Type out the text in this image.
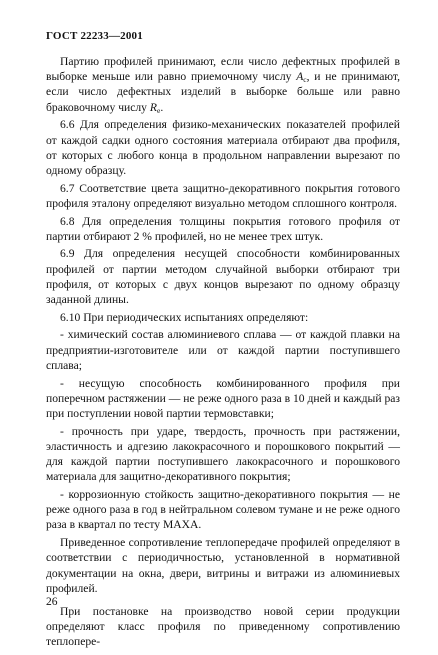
ГОСТ 22233—2001

Партию профилей принимают, если число дефектных профилей в выборке меньше или равно приемочному числу $A_c$, и не принимают, если число дефектных изделий в выборке больше или равно браковочному числу $R_e$.

6.6 Для определения физико-механических показателей профилей от каждой садки одного состояния материала отбирают два профиля, от которых с любого конца в продольном направлении вырезают по одному образцу.

6.7 Соответствие цвета защитно-декоративного покрытия готового профиля эталону определяют визуально методом сплошного контроля.

6.8 Для определения толщины покрытия готового профиля от партии отбирают 2 % профилей, но не менее трех штук.

6.9 Для определения несущей способности комбинированных профилей от партии методом случайной выборки отбирают три профиля, от которых с двух концов вырезают по одному образцу заданной длины.

6.10 При периодических испытаниях определяют:

- химический состав алюминиевого сплава — от каждой плавки на предприятии-изготовителе или от каждой партии поступившего сплава;

- несущую способность комбинированного профиля при поперечном растяжении — не реже одного раза в 10 дней и каждый раз при поступлении новой партии термовставки;

- прочность при ударе, твердость, прочность при растяжении, эластичность и адгезию лакокрасочного и порошкового покрытий — для каждой партии поступившего лакокрасочного и порошкового материала для защитно-декоративного покрытия;

- коррозионную стойкость защитно-декоративного покрытия — не реже одного раза в год в нейтральном солевом тумане и не реже одного раза в квартал по тесту МАХА.

Приведенное сопротивление теплопередаче профилей определяют в соответствии с периодичностью, установленной в нормативной документации на окна, двери, витрины и витражи из алюминиевых профилей.

При постановке на производство новой серии продукции определяют класс профиля по приведенному сопротивлению теплопере-

26
